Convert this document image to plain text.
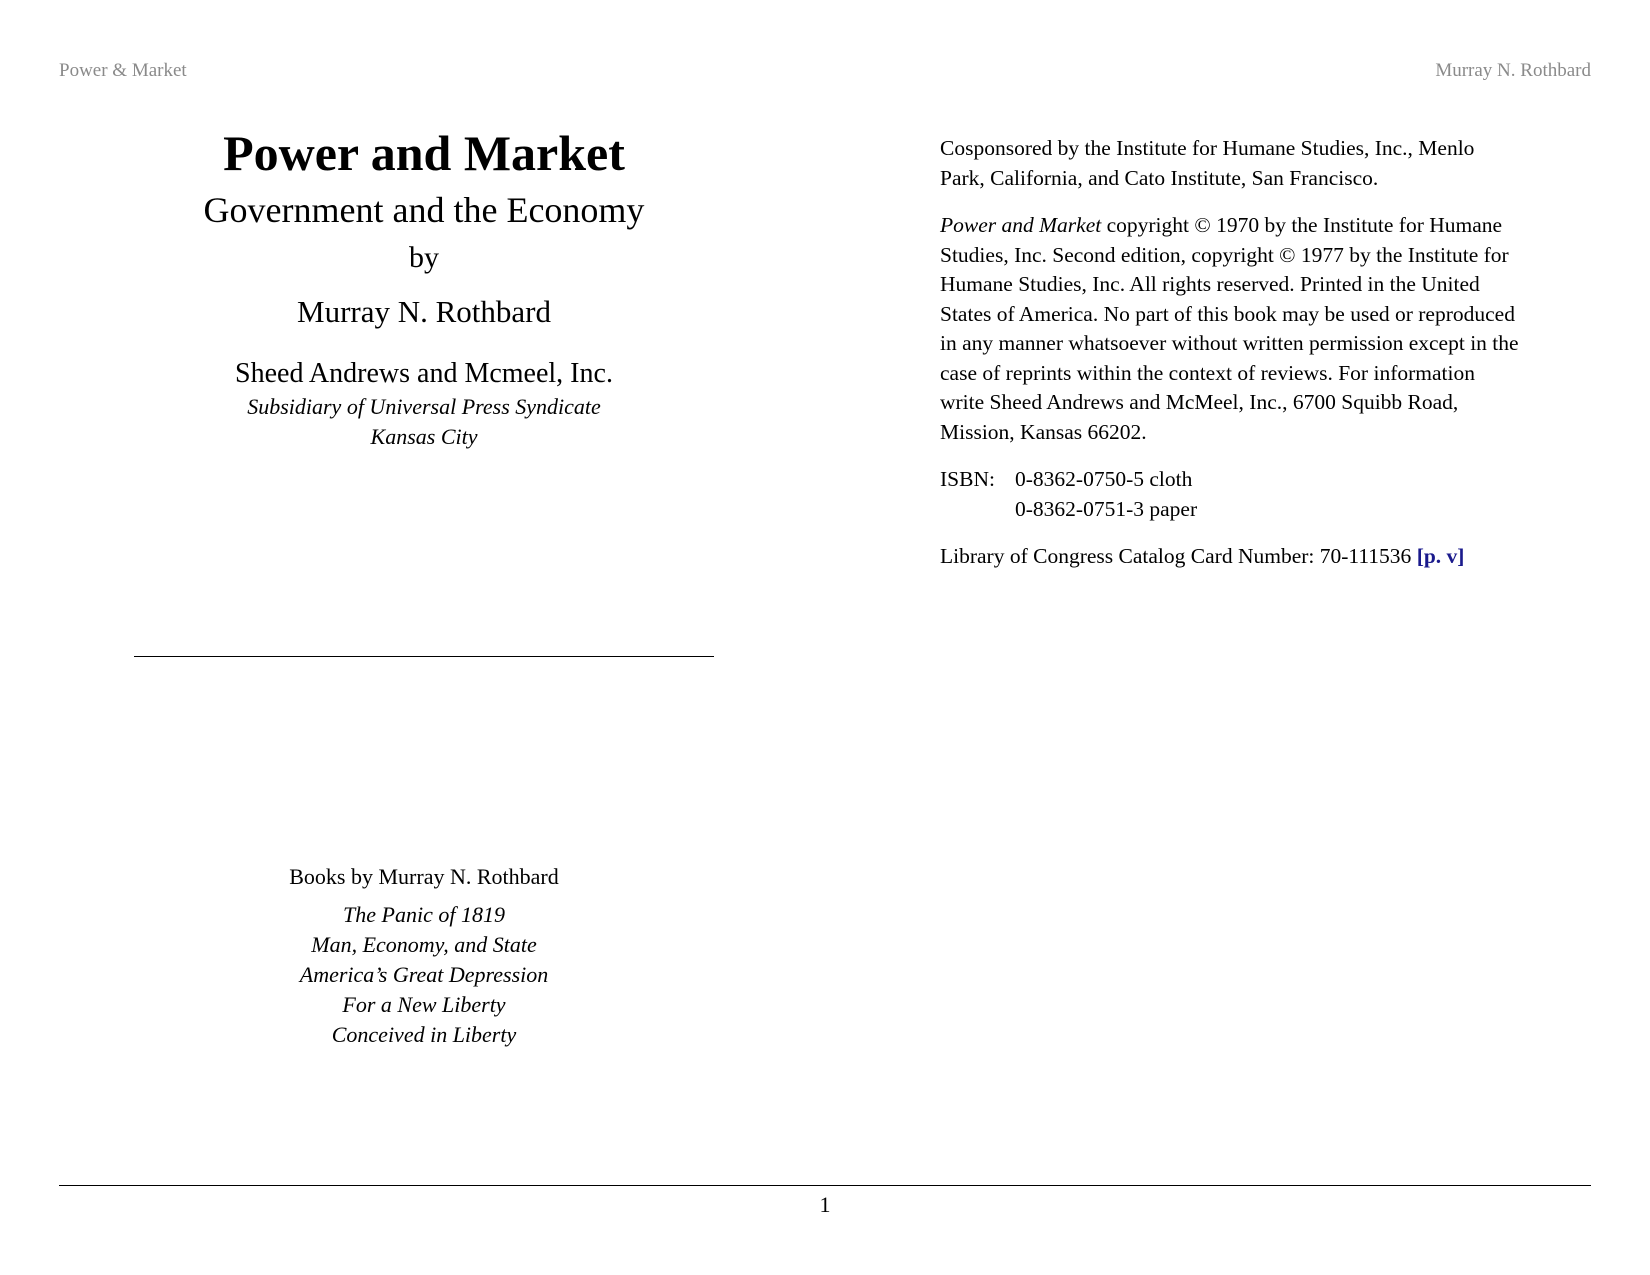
Power & Market	Murray N. Rothbard
Power and Market
Government and the Economy
by
Murray N. Rothbard
Sheed Andrews and Mcmeel, Inc.
Subsidiary of Universal Press Syndicate
Kansas City
Books by Murray N. Rothbard
The Panic of 1819
Man, Economy, and State
America’s Great Depression
For a New Liberty
Conceived in Liberty

Cosponsored by the Institute for Humane Studies, Inc., Menlo Park, California, and Cato Institute, San Francisco.

Power and Market copyright © 1970 by the Institute for Humane Studies, Inc. Second edition, copyright © 1977 by the Institute for Humane Studies, Inc. All rights reserved. Printed in the United States of America. No part of this book may be used or reproduced in any manner whatsoever without written permission except in the case of reprints within the context of reviews. For information write Sheed Andrews and McMeel, Inc., 6700 Squibb Road, Mission, Kansas 66202.

ISBN: 0-8362-0750-5 cloth

0-8362-0751-3 paper

Library of Congress Catalog Card Number: 70-111536 [p. v]

1
